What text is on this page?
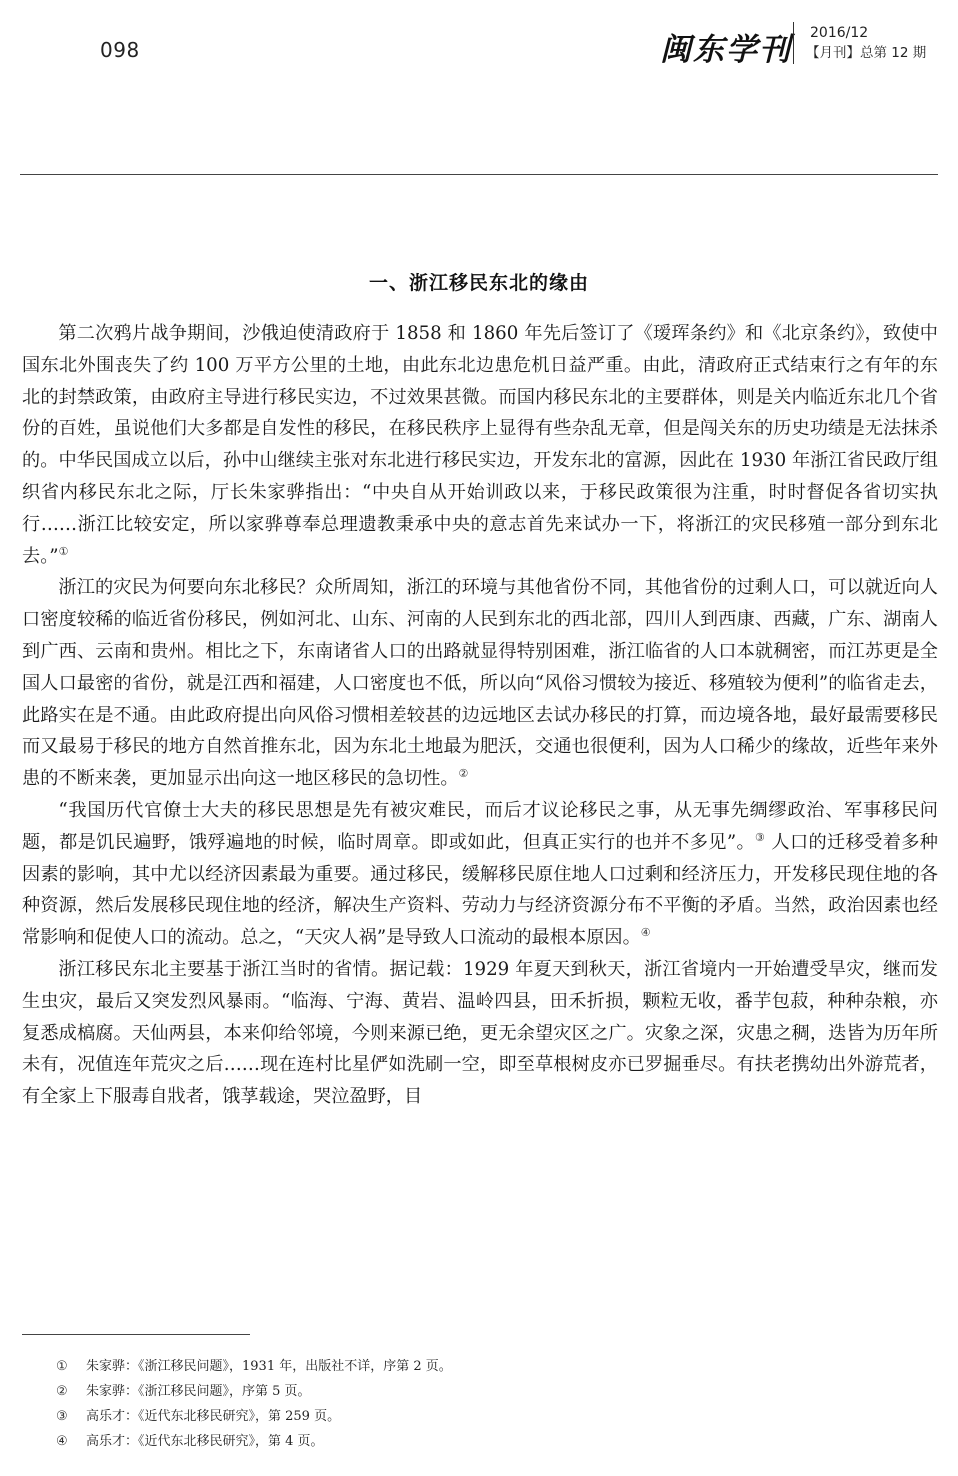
098	闽东学刊 2016/12
【月刊】总第 12 期
一、浙江移民东北的缘由

第二次鸦片战争期间，沙俄迫使清政府于 1858 和 1860 年先后签订了《瑷珲条约》和《北京条约》，致使中国东北外围丧失了约 100 万平方公里的土地，由此东北边患危机日益严重。由此，清政府正式结束行之有年的东北的封禁政策，由政府主导进行移民实边，不过效果甚微。而国内移民东北的主要群体，则是关内临近东北几个省份的百姓，虽说他们大多都是自发性的移民，在移民秩序上显得有些杂乱无章，但是闯关东的历史功绩是无法抹杀的。中华民国成立以后，孙中山继续主张对东北进行移民实边，开发东北的富源，因此在 1930 年浙江省民政厅组织省内移民东北之际，厅长朱家骅指出：“中央自从开始训政以来，于移民政策很为注重，时时督促各省切实执行……浙江比较安定，所以家骅尊奉总理遗教秉承中央的意志首先来试办一下，将浙江的灾民移殖一部分到东北去。”①

浙江的灾民为何要向东北移民？众所周知，浙江的环境与其他省份不同，其他省份的过剩人口，可以就近向人口密度较稀的临近省份移民，例如河北、山东、河南的人民到东北的西北部，四川人到西康、西藏，广东、湖南人到广西、云南和贵州。相比之下，东南诸省人口的出路就显得特别困难，浙江临省的人口本就稠密，而江苏更是全国人口最密的省份，就是江西和福建，人口密度也不低，所以向“风俗习惯较为接近、移殖较为便利”的临省走去，此路实在是不通。由此政府提出向风俗习惯相差较甚的边远地区去试办移民的打算，而边境各地，最好最需要移民而又最易于移民的地方自然首推东北，因为东北土地最为肥沃，交通也很便利，因为人口稀少的缘故，近些年来外患的不断来袭，更加显示出向这一地区移民的急切性。②

“我国历代官僚士大夫的移民思想是先有被灾难民，而后才议论移民之事，从无事先绸缪政治、军事移民问题，都是饥民遍野，饿殍遍地的时候，临时周章。即或如此，但真正实行的也并不多见”。③ 人口的迁移受着多种因素的影响，其中尤以经济因素最为重要。通过移民，缓解移民原住地人口过剩和经济压力，开发移民现住地的各种资源，然后发展移民现住地的经济，解决生产资料、劳动力与经济资源分布不平衡的矛盾。当然，政治因素也经常影响和促使人口的流动。总之，“天灾人祸”是导致人口流动的最根本原因。④

浙江移民东北主要基于浙江当时的省情。据记载：1929 年夏天到秋天，浙江省境内一开始遭受旱灾，继而发生虫灾，最后又突发烈风暴雨。“临海、宁海、黄岩、温岭四县，田禾折损，颗粒无收，番芋包菽，种种杂粮，亦复悉成槁腐。天仙两县，本来仰给邻境，今则来源已绝，更无余望灾区之广。灾象之深，灾患之稠，迭皆为历年所未有，况值连年荒灾之后……现在连村比星俨如洗刷一空，即至草根树皮亦已罗掘垂尽。有扶老携幼出外游荒者，有全家上下服毒自戕者，饿莩载途，哭泣盈野，目

① 朱家骅：《浙江移民问题》，1931 年，出版社不详，序第 2 页。
② 朱家骅：《浙江移民问题》，序第 5 页。
③ 高乐才：《近代东北移民研究》，第 259 页。
④ 高乐才：《近代东北移民研究》，第 4 页。
